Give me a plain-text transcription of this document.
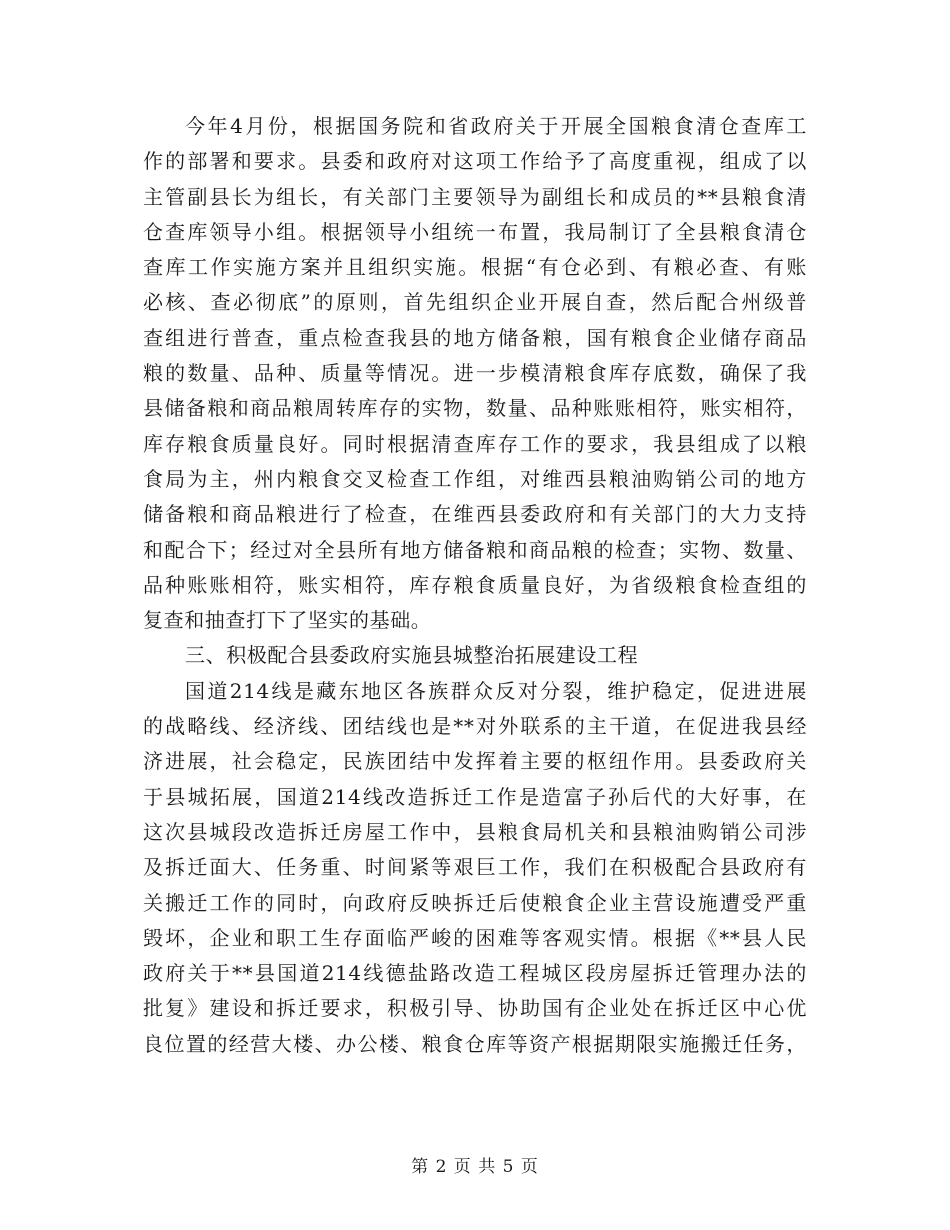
今年4月份，根据国务院和省政府关于开展全国粮食清仓查库工
作的部署和要求。县委和政府对这项工作给予了高度重视，组成了以
主管副县长为组长，有关部门主要领导为副组长和成员的**县粮食清
仓查库领导小组。根据领导小组统一布置，我局制订了全县粮食清仓
查库工作实施方案并且组织实施。根据“有仓必到、有粮必查、有账
必核、查必彻底”的原则，首先组织企业开展自查，然后配合州级普
查组进行普查，重点检查我县的地方储备粮，国有粮食企业储存商品
粮的数量、品种、质量等情况。进一步模清粮食库存底数，确保了我
县储备粮和商品粮周转库存的实物，数量、品种账账相符，账实相符，
库存粮食质量良好。同时根据清查库存工作的要求，我县组成了以粮
食局为主，州内粮食交叉检查工作组，对维西县粮油购销公司的地方
储备粮和商品粮进行了检查，在维西县委政府和有关部门的大力支持
和配合下；经过对全县所有地方储备粮和商品粮的检查；实物、数量、
品种账账相符，账实相符，库存粮食质量良好，为省级粮食检查组的
复查和抽查打下了坚实的基础。
三、积极配合县委政府实施县城整治拓展建设工程
国道214线是藏东地区各族群众反对分裂，维护稳定，促进进展
的战略线、经济线、团结线也是**对外联系的主干道，在促进我县经
济进展，社会稳定，民族团结中发挥着主要的枢纽作用。县委政府关
于县城拓展，国道214线改造拆迁工作是造富子孙后代的大好事，在
这次县城段改造拆迁房屋工作中，县粮食局机关和县粮油购销公司涉
及拆迁面大、任务重、时间紧等艰巨工作，我们在积极配合县政府有
关搬迁工作的同时，向政府反映拆迁后使粮食企业主营设施遭受严重
毁坏，企业和职工生存面临严峻的困难等客观实情。根据《**县人民
政府关于**县国道214线德盐路改造工程城区段房屋拆迁管理办法的
批复》建设和拆迁要求，积极引导、协助国有企业处在拆迁区中心优
良位置的经营大楼、办公楼、粮食仓库等资产根据期限实施搬迁任务，
第 2 页 共 5 页
